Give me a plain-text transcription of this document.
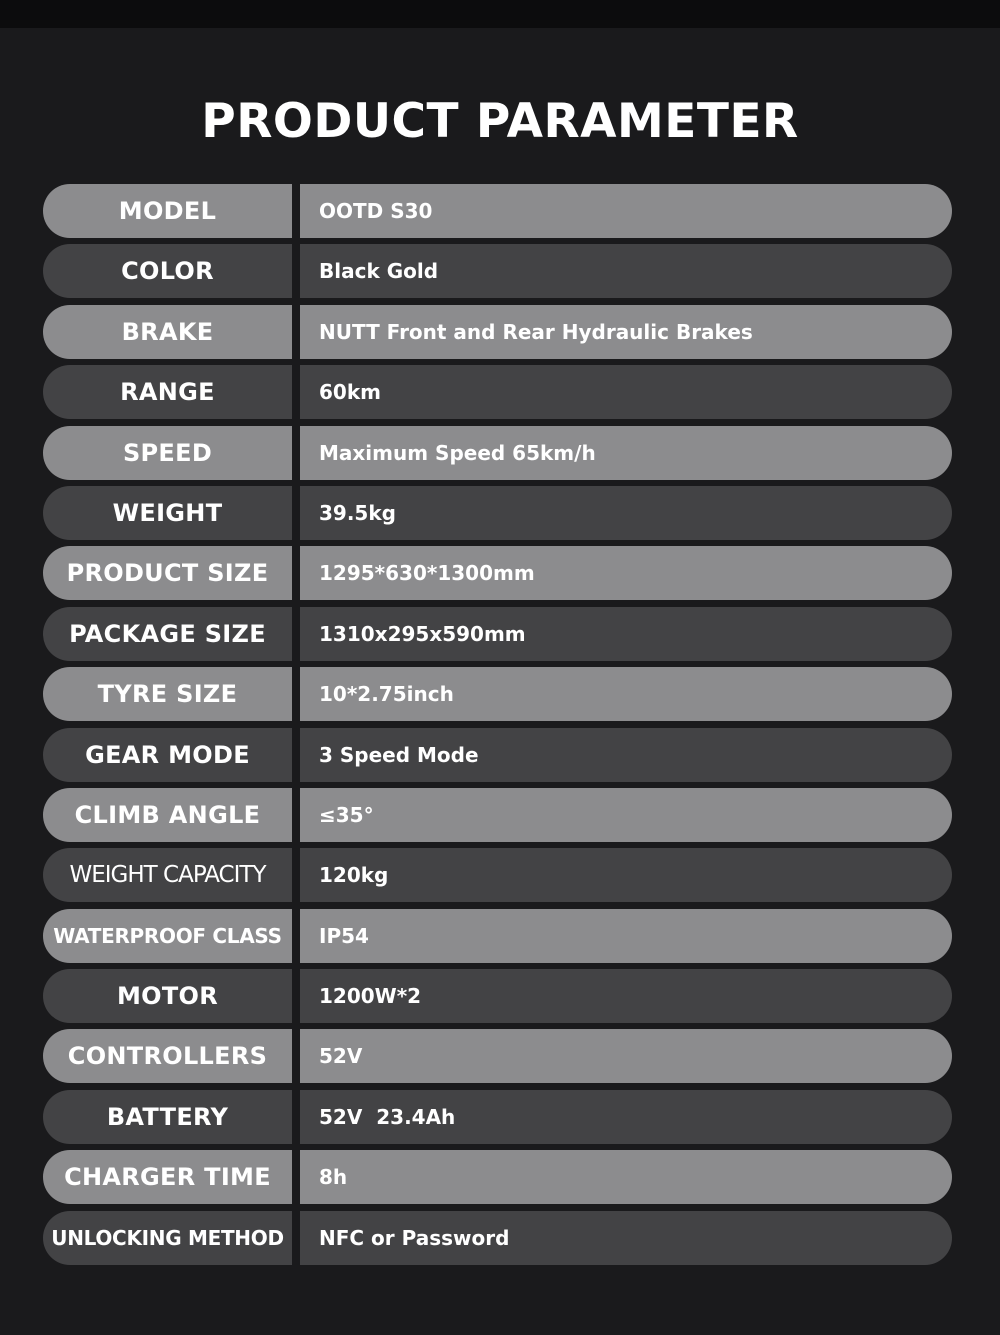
PRODUCT PARAMETER
MODEL	OOTD S30
COLOR	Black Gold
BRAKE	NUTT Front and Rear Hydraulic Brakes
RANGE	60km
SPEED	Maximum Speed 65km/h
WEIGHT	39.5kg
PRODUCT SIZE	1295*630*1300mm
PACKAGE SIZE	1310x295x590mm
TYRE SIZE	10*2.75inch
GEAR MODE	3 Speed Mode
CLIMB ANGLE	≤35°
WEIGHT CAPACITY	120kg
WATERPROOF CLASS	IP54
MOTOR	1200W*2
CONTROLLERS	52V
BATTERY	52V  23.4Ah
CHARGER TIME	8h
UNLOCKING METHOD	NFC or Password
